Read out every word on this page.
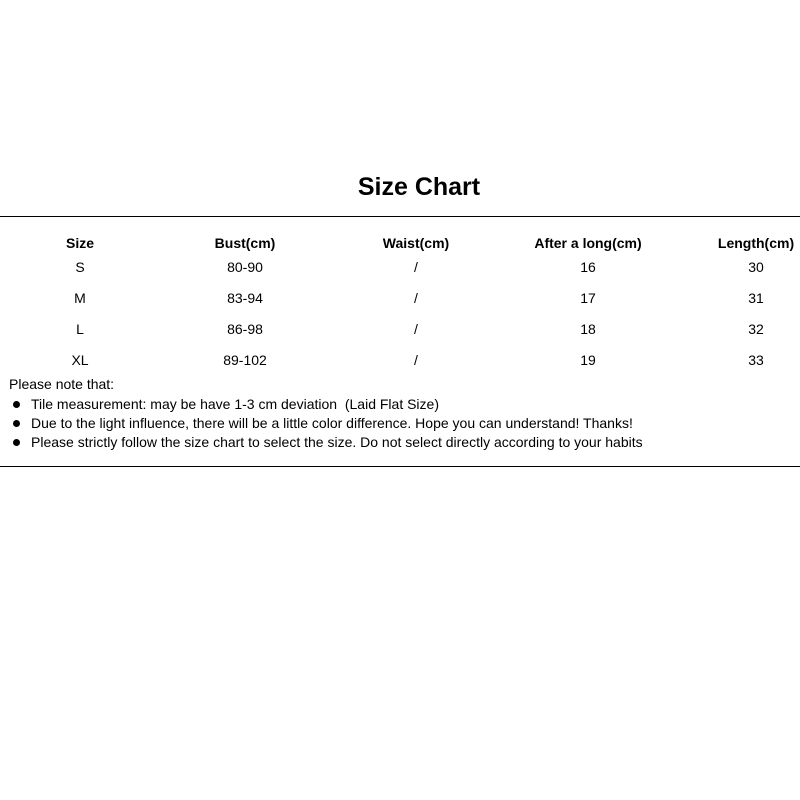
Size Chart
Size	Bust(cm)	Waist(cm)	After a long(cm)	Length(cm)
S	80-90	/	16	30
M	83-94	/	17	31
L	86-98	/	18	32
XL	89-102	/	19	33
Please note that:
Tile measurement: may be have 1-3 cm deviation  (Laid Flat Size)
Due to the light influence, there will be a little color difference. Hope you can understand! Thanks!
Please strictly follow the size chart to select the size. Do not select directly according to your habits
